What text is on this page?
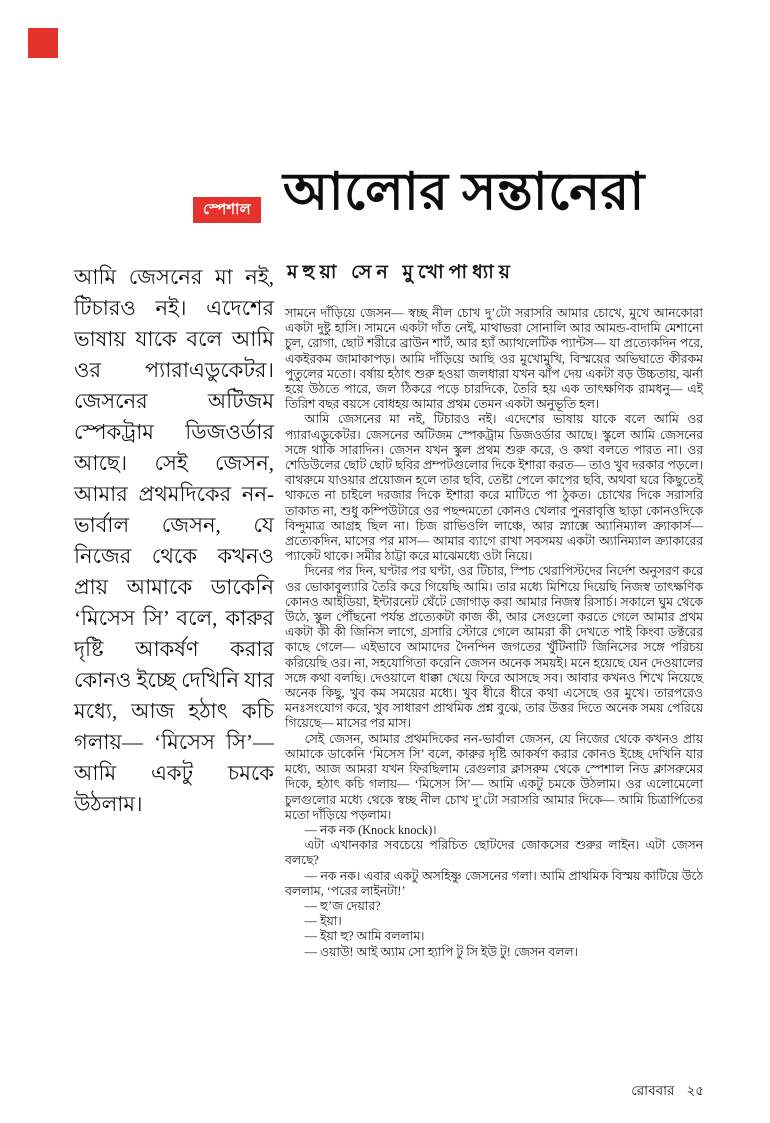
স্পেশাল আলোর সন্তানেরা
মহুয়া সেন মুখোপাধ্যায়
আমি জেসনের মা নই, টিচারও নই। এদেশের ভাষায় যাকে বলে আমি ওর প্যারাএডুকেটর। জেসনের অটিজম স্পেকট্রাম ডিজওর্ডার আছে। সেই জেসন, আমার প্রথমদিকের নন-ভার্বাল জেসন, যে নিজের থেকে কখনও প্রায় আমাকে ডাকেনি ‘মিসেস সি’ বলে, কারুর দৃষ্টি আকর্ষণ করার কোনও ইচ্ছে দেখিনি যার মধ্যে, আজ হঠাৎ কচি গলায়— ‘মিসেস সি’— আমি একটু চমকে উঠলাম।

সামনে দাঁড়িয়ে জেসন— স্বচ্ছ নীল চোখ দু’টো সরাসরি আমার চোখে, মুখে আনকোরা একটা দুষ্টু হাসি। সামনে একটা দাঁত নেই, মাথাভরা সোনালি আর আমন্ড-বাদামি মেশানো চুল, রোগা, ছোট শরীরে ব্রাউন শার্ট, আর হ্যাঁ অ্যাথলেটিক প্যান্টস— যা প্রত্যেকদিন পরে, একইরকম জামাকাপড়। আমি দাঁড়িয়ে আছি ওর মুখোমুখি, বিস্ময়ের অভিঘাতে কীরকম পুতুলের মতো। বর্ষায় হঠাৎ শুরু হওয়া জলধারা যখন ঝাঁপ দেয় একটা বড় উচ্চতায়, ঝর্না হয়ে উঠতে পারে, জল ঠিকরে পড়ে চারদিকে, তৈরি হয় এক তাৎক্ষণিক রামধনু— এই তিরিশ বছর বয়সে বোধহয় আমার প্রথম তেমন একটা অনুভূতি হল।

আমি জেসনের মা নই, টিচারও নই। এদেশের ভাষায় যাকে বলে আমি ওর প্যারাএডুকেটর। জেসনের অটিজম স্পেকট্রাম ডিজওর্ডার আছে। স্কুলে আমি জেসনের সঙ্গে থাকি সারাদিন। জেসন যখন স্কুল প্রথম শুরু করে, ও কথা বলতে পারত না। ওর শেডিউলের ছোট ছোট ছবির প্রম্পটগুলোর দিকে ইশারা করত— তাও খুব দরকার পড়লে। বাথরুমে যাওয়ার প্রয়োজন হলে তার ছবি, তেষ্টা পেলে কাপের ছবি, অথবা ঘরে কিছুতেই থাকতে না চাইলে দরজার দিকে ইশারা করে মাটিতে পা ঠুকত। চোখের দিকে সরাসরি তাকাত না, শুধু কম্পিউটারে ওর পছন্দমতো কোনও খেলার পুনরাবৃত্তি ছাড়া কোনওদিকে বিন্দুমাত্র আগ্রহ ছিল না। চিজ রাভিওলি লাঞ্চে, আর স্ন্যাক্সে অ্যানিম্যাল ক্র্যাকার্স— প্রত্যেকদিন, মাসের পর মাস— আমার ব্যাগে রাখা সবসময় একটা অ্যানিম্যাল ক্র্যাকারের প্যাকেট থাকে। সমীর ঠাট্টা করে মাঝেমধ্যে ওটা নিয়ে।

দিনের পর দিন, ঘণ্টার পর ঘণ্টা, ওর টিচার, স্পিচ থেরাপিস্টদের নির্দেশ অনুসরণ করে ওর ভোকাবুল্যারি তৈরি করে গিয়েছি আমি। তার মধ্যে মিশিয়ে দিয়েছি নিজস্ব তাৎক্ষণিক কোনও আইডিয়া, ইন্টারনেট ঘেঁটে জোগাড় করা আমার নিজস্ব রিসার্চ। সকালে ঘুম থেকে উঠে, স্কুল পৌঁছনো পর্যন্ত প্রত্যেকটা কাজ কী, আর সেগুলো করতে গেলে আমার প্রথম একটা কী কী জিনিস লাগে, গ্রসারি স্টোরে গেলে আমরা কী দেখতে পাই কিংবা ডক্টরের কাছে গেলে— এইভাবে আমাদের দৈনন্দিন জগতের খুঁটিনাটি জিনিসের সঙ্গে পরিচয় করিয়েছি ওর। না, সহযোগিতা করেনি জেসন অনেক সময়ই। মনে হয়েছে যেন দেওয়ালের সঙ্গে কথা বলছি। দেওয়ালে ধাক্কা খেয়ে ফিরে আসছে সব। আবার কখনও শিখে নিয়েছে অনেক কিছু, খুব কম সময়ের মধ্যে। খুব ধীরে ধীরে কথা এসেছে ওর মুখে। তারপরেও মনঃসংযোগ করে, খুব সাধারণ প্রাথমিক প্রশ্ন বুঝে, তার উত্তর দিতে অনেক সময় পেরিয়ে গিয়েছে— মাসের পর মাস।

সেই জেসন, আমার প্রথমদিকের নন-ভার্বাল জেসন, যে নিজের থেকে কখনও প্রায় আমাকে ডাকেনি ‘মিসেস সি’ বলে, কারুর দৃষ্টি আকর্ষণ করার কোনও ইচ্ছে দেখিনি যার মধ্যে, আজ আমরা যখন ফিরছিলাম রেগুলার ক্লাসরুম থেকে স্পেশাল নিড ক্লাসরুমের দিকে, হঠাৎ কচি গলায়— ‘মিসেস সি’— আমি একটু চমকে উঠলাম। ওর এলোমেলো চুলগুলোর মধ্যে থেকে স্বচ্ছ নীল চোখ দু’টো সরাসরি আমার দিকে— আমি চিত্রার্পিতের মতো দাঁড়িয়ে পড়লাম।

— নক নক (Knock knock)।

এটা এখানকার সবচেয়ে পরিচিত ছোটদের জোকসের শুরুর লাইন। এটা জেসন বলছে?

— নক নক। এবার একটু অসহিষ্ণু জেসনের গলা। আমি প্রাথমিক বিস্ময় কাটিয়ে উঠে বললাম, ‘পরের লাইনটা!’

— হু’জ দেয়ার?

— ইয়া।

— ইয়া হু? আমি বললাম।

— ওয়াউ! আই অ্যাম সো হ্যাপি টু সি ইউ টু! জেসন বলল।

রোববার ২৫
